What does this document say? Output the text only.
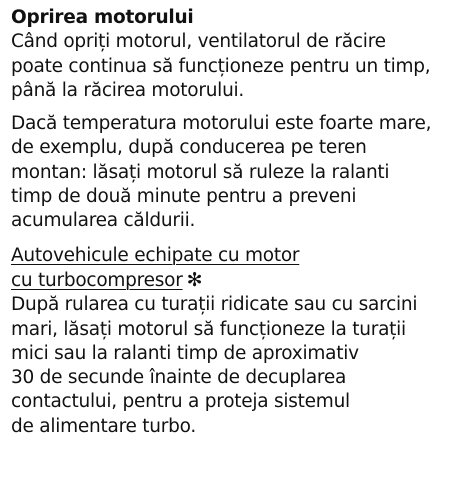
Oprirea motorului
Când opriți motorul, ventilatorul de răcire
poate continua să funcționeze pentru un timp,
până la răcirea motorului.
Dacă temperatura motorului este foarte mare,
de exemplu, după conducerea pe teren
montan: lăsați motorul să ruleze la ralanti
timp de două minute pentru a preveni
acumularea căldurii.
Autovehicule echipate cu motor
cu turbocompresor ✻
După rularea cu turații ridicate sau cu sarcini
mari, lăsați motorul să funcționeze la turații
mici sau la ralanti timp de aproximativ
30 de secunde înainte de decuplarea
contactului, pentru a proteja sistemul
de alimentare turbo.
